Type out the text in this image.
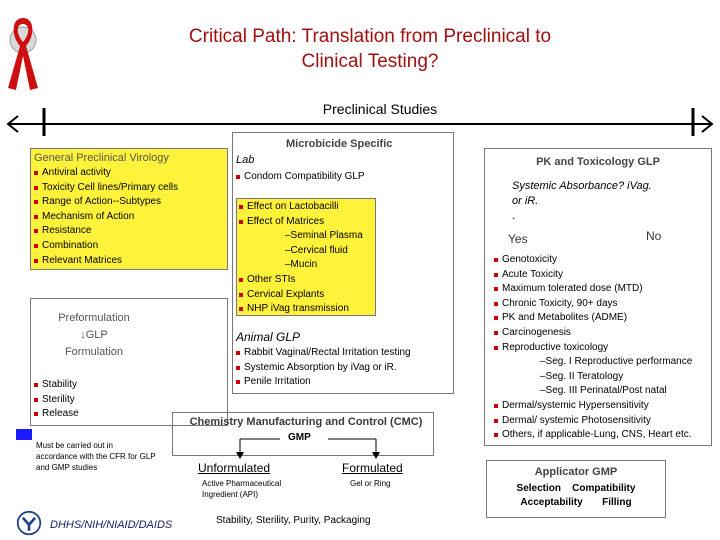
Critical Path: Translation from Preclinical to
Clinical Testing?
Preclinical Studies
General Preclinical Virology
Antiviral activity
Toxicity Cell lines/Primary cells
Range of Action--Subtypes
Mechanism of Action
Resistance
Combination
Relevant Matrices
Microbicide Specific
Lab
Condom Compatibility GLP
Effect on Lactobacilli
Effect of Matrices
–Seminal Plasma
–Cervical fluid
–Mucin
Other STIs
Cervical Explants
NHP iVag transmission
Animal GLP
Rabbit Vaginal/Rectal Irritation testing
Systemic Absorption by iVag or iR.
Penile Irritation
Preformulation
↓GLP
Formulation
Stability
Sterility
Release
Must be carried out in accordance with the CFR for GLP and GMP studies
Chemistry Manufacturing and Control (CMC)
GMP
Unformulated	Formulated
Active Pharmaceutical Ingredient (API)
Gel or Ring
Stability, Sterility, Purity, Packaging
PK and Toxicology GLP
Systemic Absorbance? iVag. or iR.
.
Yes	No
Genotoxicity
Acute Toxicity
Maximum tolerated dose (MTD)
Chronic Toxicity, 90+ days
PK and Metabolites (ADME)
Carcinogenesis
Reproductive toxicology
–Seg. I Reproductive performance
–Seg. II Teratology
–Seg. III Perinatal/Post natal
Dermal/systemic Hypersensitivity
Dermal/ systemic Photosensitivity
Others, if applicable-Lung, CNS, Heart etc.
Applicator GMP
Selection    Compatibility
Acceptability       Filling
DHHS/NIH/NIAID/DAIDS
